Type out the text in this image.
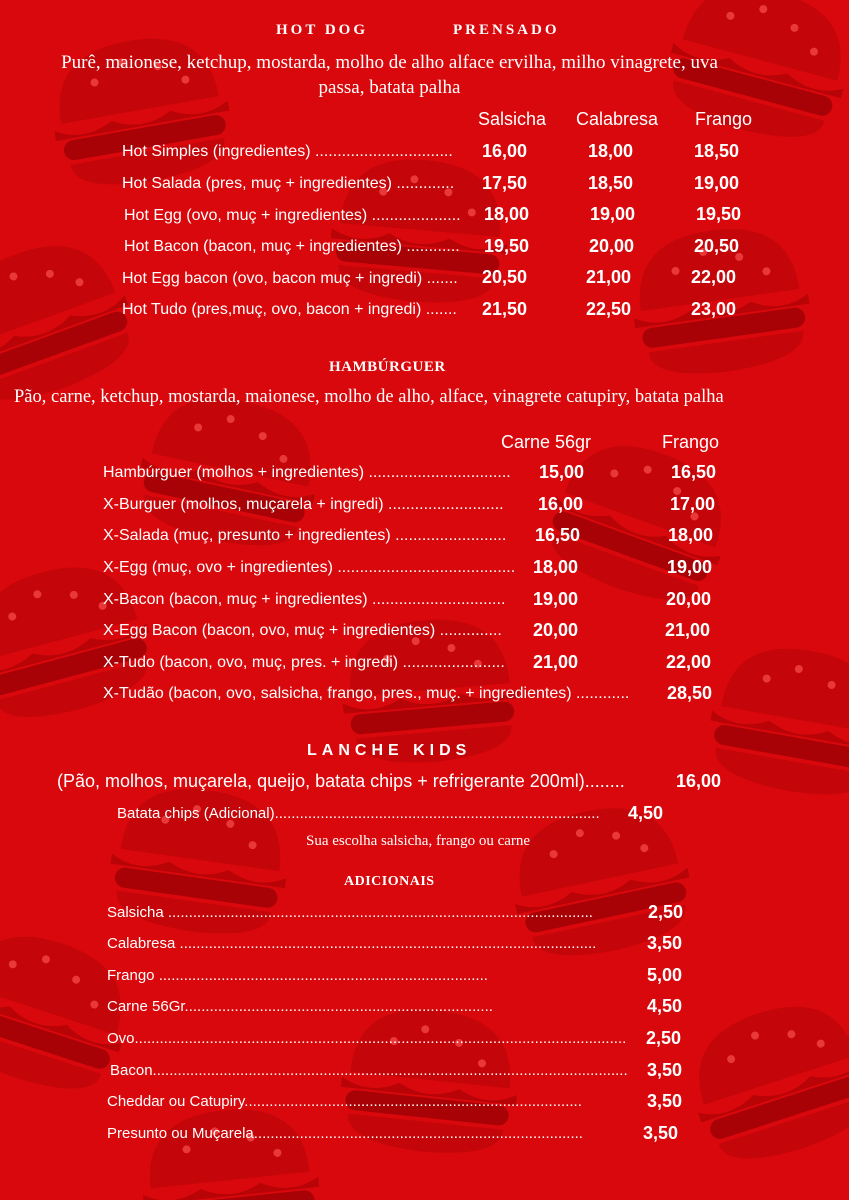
HOT DOG	PRENSADO
Purê, maionese, ketchup, mostarda, molho de alho alface ervilha, milho vinagrete, uva
passa, batata palha
Salsicha Calabresa Frango
Hot Simples (ingredientes) ............................... 16,00	18,00	18,50
Hot Salada (pres, muç + ingredientes) ............. 17,50	18,50	19,00
Hot Egg (ovo, muç + ingredientes) .................... 18,00	19,00	19,50
Hot Bacon (bacon, muç + ingredientes) ............ 19,50	20,00	20,50
Hot Egg bacon (ovo, bacon muç + ingredi) ....... 20,50	21,00	22,00
Hot Tudo (pres,muç, ovo, bacon + ingredi) ....... 21,50	22,50	23,00
HAMBÚRGUER
Pão, carne, ketchup, mostarda, maionese, molho de alho, alface, vinagrete catupiry, batata palha
Carne 56gr	Frango
Hambúrguer (molhos + ingredientes) ................................ 15,00	16,50
X-Burguer (molhos, muçarela + ingredi) .......................... 16,00	17,00
X-Salada (muç, presunto + ingredientes) ......................... 16,50	18,00
X-Egg (muç, ovo + ingredientes) ........................................ 18,00	19,00
X-Bacon (bacon, muç + ingredientes) .............................. 19,00	20,00
X-Egg Bacon (bacon, ovo, muç + ingredientes) .............. 20,00	21,00
X-Tudo (bacon, ovo, muç, pres. + ingredi) ....................... 21,00	22,00
X-Tudão (bacon, ovo, salsicha, frango, pres., muç. + ingredientes) ............ 28,50
LANCHE KIDS
(Pão, molhos, muçarela, queijo, batata chips + refrigerante 200ml)........	16,00
Batata chips (Adicional).............................................................................. 4,50
Sua escolha salsicha, frango ou carne
ADICIONAIS
Salsicha ......................................................................................................	2,50
Calabresa ....................................................................................................	3,50
Frango ...............................................................................	5,00
Carne 56Gr..........................................................................	4,50
Ovo......................................................................................................................	2,50
Bacon..................................................................................................................	3,50
Cheddar ou Catupiry.................................................................................	3,50
Presunto ou Muçarela...............................................................................	3,50
